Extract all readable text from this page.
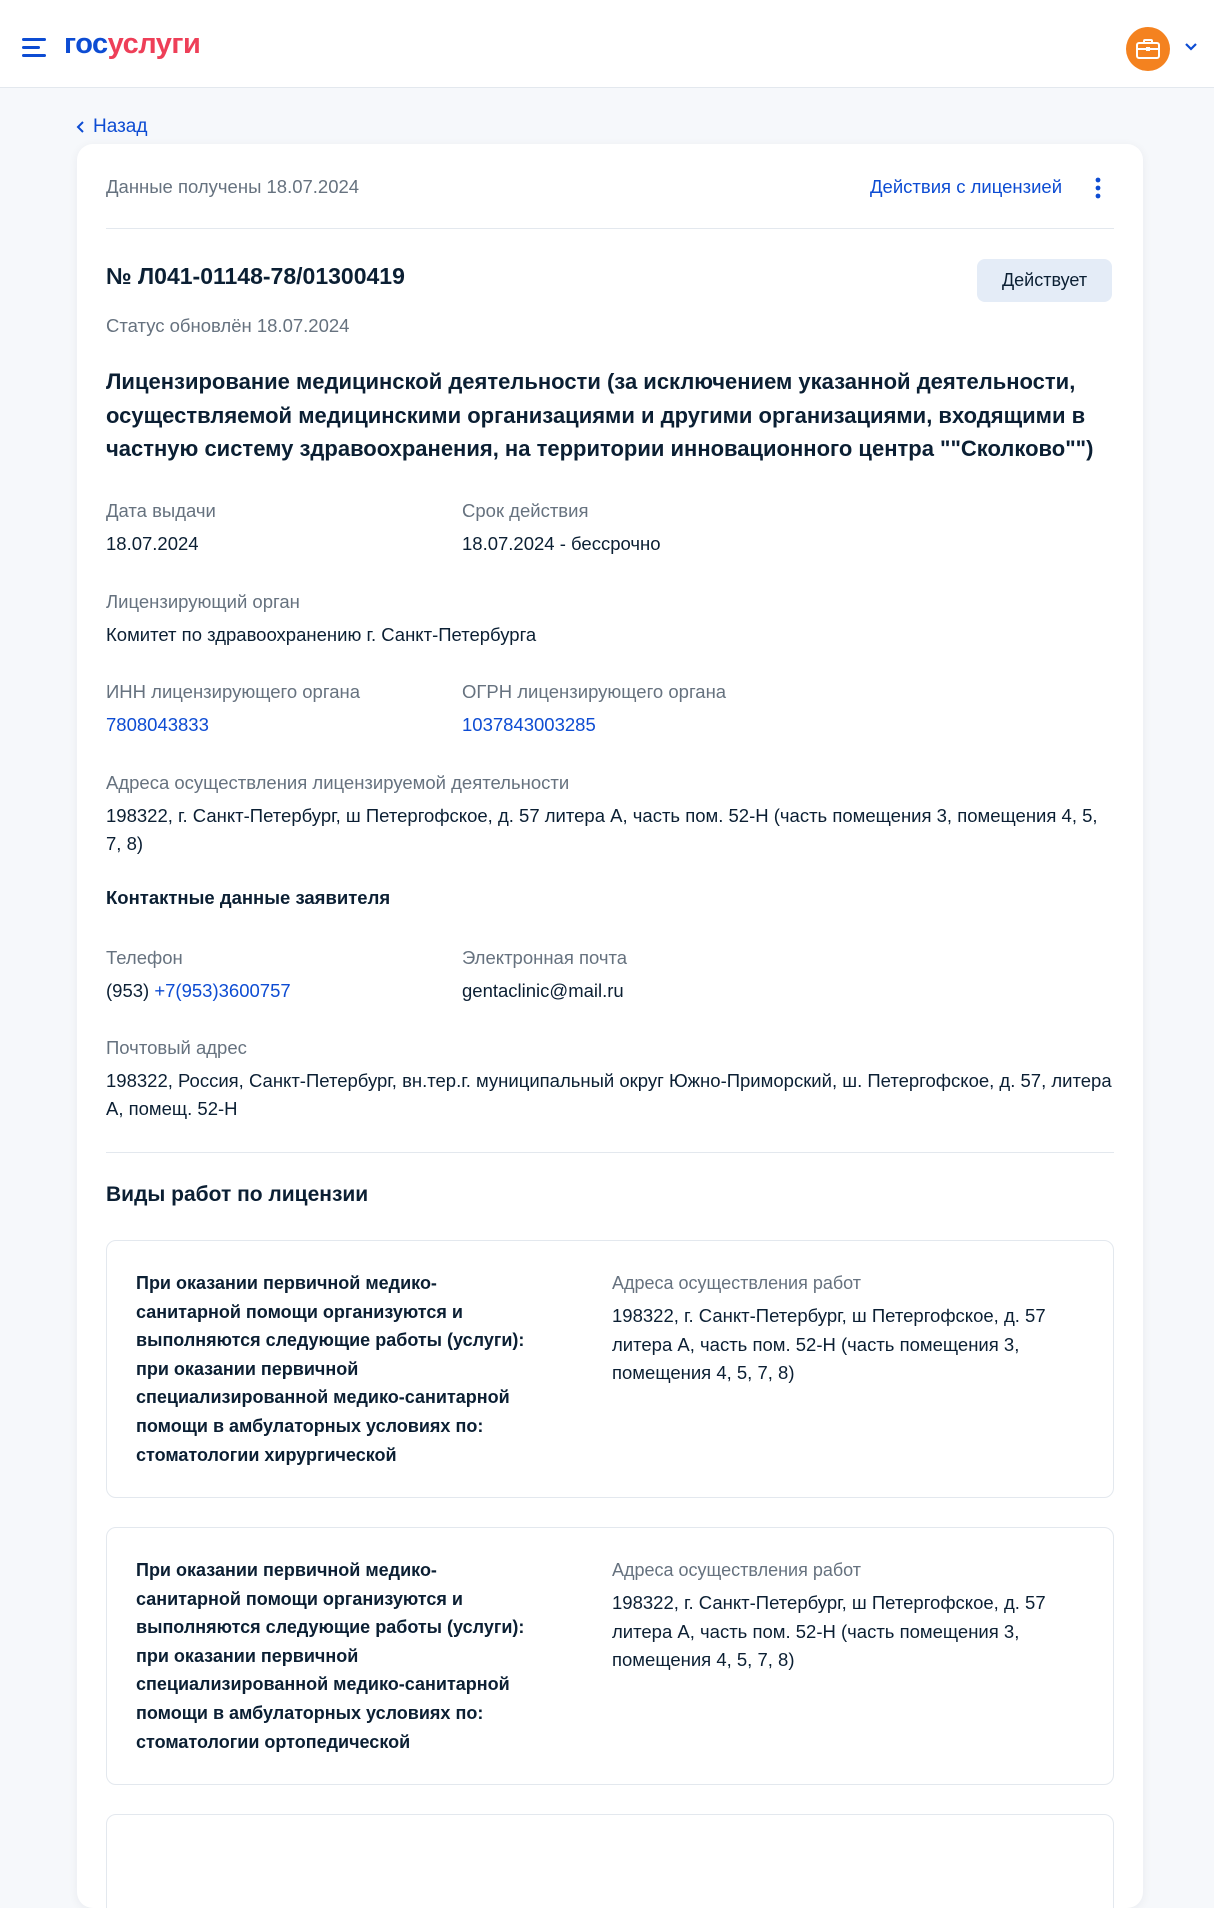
госуслуги
Назад
Данные получены 18.07.2024	Действия с лицензией
№ Л041-01148-78/01300419	Действует
Статус обновлён 18.07.2024
Лицензирование медицинской деятельности (за исключением указанной деятельности, осуществляемой медицинскими организациями и другими организациями, входящими в частную систему здравоохранения, на территории инновационного центра ""Сколково"")
Дата выдачи
18.07.2024
Срок действия
18.07.2024 - бессрочно
Лицензирующий орган
Комитет по здравоохранению г. Санкт-Петербурга
ИНН лицензирующего органа
7808043833
ОГРН лицензирующего органа
1037843003285
Адреса осуществления лицензируемой деятельности
198322, г. Санкт-Петербург, ш Петергофское, д. 57 литера А, часть пом. 52-Н (часть помещения 3, помещения 4, 5, 7, 8)
Контактные данные заявителя
Телефон
(953) +7(953)3600757
Электронная почта
gentaclinic@mail.ru
Почтовый адрес
198322, Россия, Санкт-Петербург, вн.тер.г. муниципальный округ Южно-Приморский, ш. Петергофское, д. 57, литера А, помещ. 52-Н
Виды работ по лицензии
При оказании первичной медико-санитарной помощи организуются и выполняются следующие работы (услуги): при оказании первичной специализированной медико-санитарной помощи в амбулаторных условиях по: стоматологии хирургической
Адреса осуществления работ
198322, г. Санкт-Петербург, ш Петергофское, д. 57 литера А, часть пом. 52-Н (часть помещения 3, помещения 4, 5, 7, 8)
При оказании первичной медико-санитарной помощи организуются и выполняются следующие работы (услуги): при оказании первичной специализированной медико-санитарной помощи в амбулаторных условиях по: стоматологии ортопедической
Адреса осуществления работ
198322, г. Санкт-Петербург, ш Петергофское, д. 57 литера А, часть пом. 52-Н (часть помещения 3, помещения 4, 5, 7, 8)
